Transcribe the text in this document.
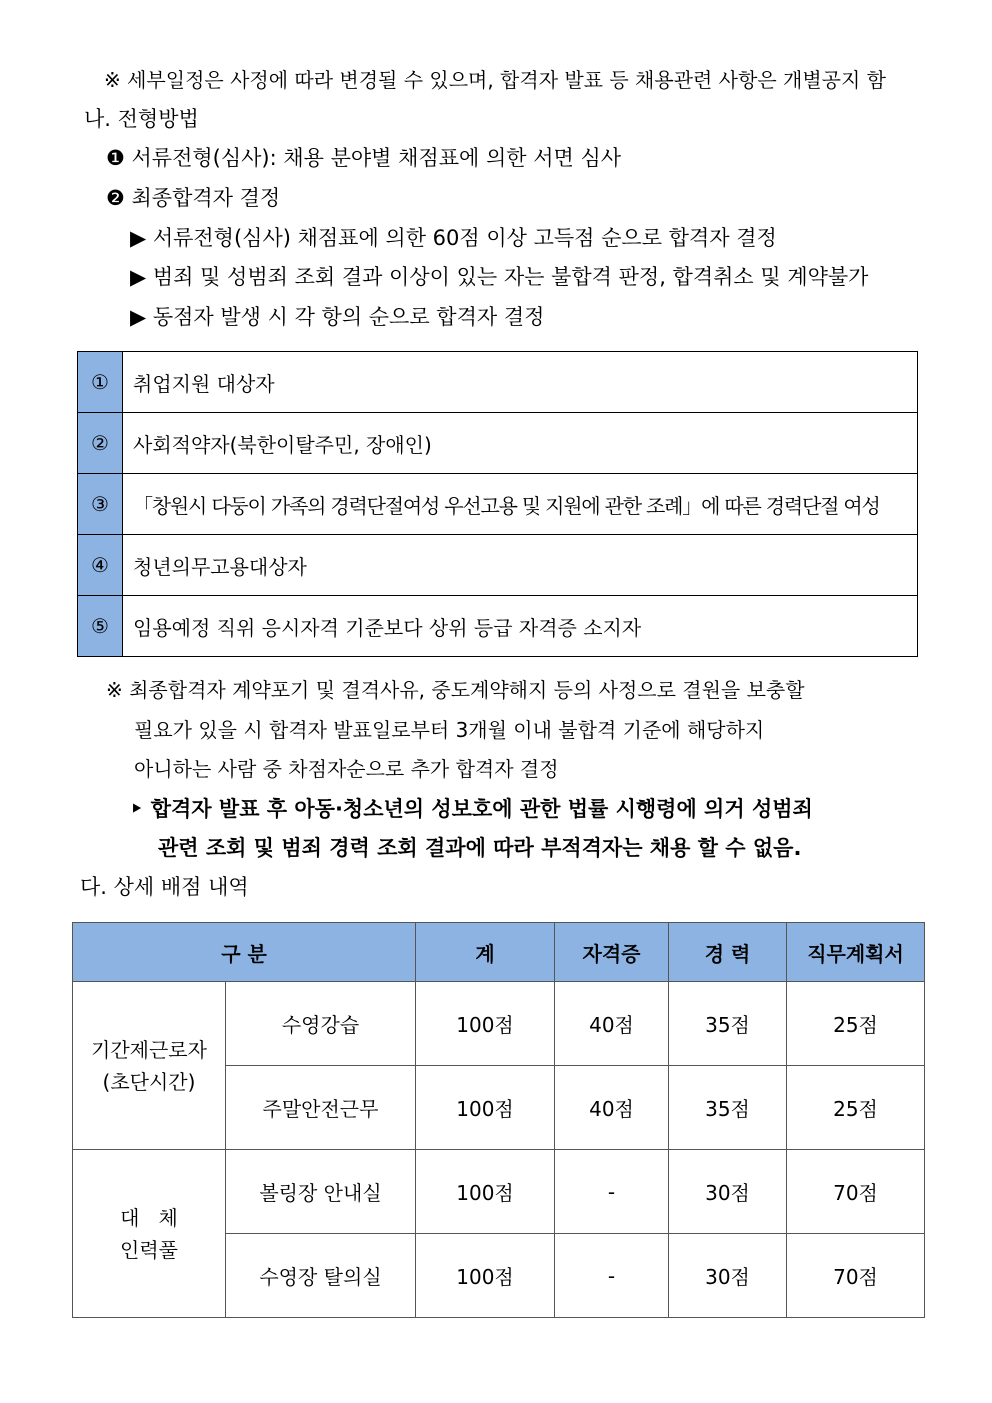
※ 세부일정은 사정에 따라 변경될 수 있으며, 합격자 발표 등 채용관련 사항은 개별공지 함
나. 전형방법
❶ 서류전형(심사): 채용 분야별 채점표에 의한 서면 심사
❷ 최종합격자 결정
▶ 서류전형(심사) 채점표에 의한 60점 이상 고득점 순으로 합격자 결정
▶ 범죄 및 성범죄 조회 결과 이상이 있는 자는 불합격 판정, 합격취소 및 계약불가
▶ 동점자 발생 시 각 항의 순으로 합격자 결정
①	취업지원 대상자
②	사회적약자(북한이탈주민, 장애인)
③	「창원시 다둥이 가족의 경력단절여성 우선고용 및 지원에 관한 조례」에 따른 경력단절 여성
④	청년의무고용대상자
⑤	임용예정 직위 응시자격 기준보다 상위 등급 자격증 소지자
※ 최종합격자 계약포기 및 결격사유, 중도계약해지 등의 사정으로 결원을 보충할
필요가 있을 시 합격자 발표일로부터 3개월 이내 불합격 기준에 해당하지
아니하는 사람 중 차점자순으로 추가 합격자 결정
‣ 합격자 발표 후 아동·청소년의 성보호에 관한 법률 시행령에 의거 성범죄
관련 조회 및 범죄 경력 조회 결과에 따라 부적격자는 채용 할 수 없음.
다. 상세 배점 내역
구 분		계	자격증	경 력	직무계획서

기간제근로자
(초단시간)	수영강습	100점	40점	35점	25점
	주말안전근무	100점	40점	35점	25점

대   체
인력풀	볼링장 안내실	100점	-	30점	70점
	수영장 탈의실	100점	-	30점	70점
